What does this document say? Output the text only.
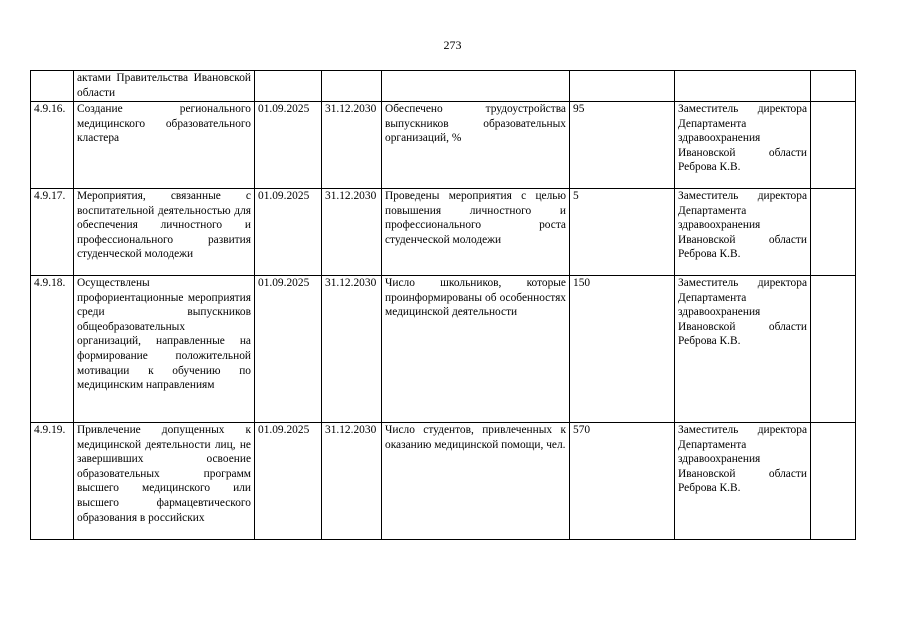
273
	актами Правительства Ивановской области						
4.9.16.	Создание регионального медицинского образовательного кластера	01.09.2025	31.12.2030	Обеспечено трудоустройства выпускников образовательных организаций, %	95	Заместитель директора Департамента здравоохранения Ивановской области Реброва К.В.	
4.9.17.	Мероприятия, связанные с воспитательной деятельностью для обеспечения личностного и профессионального развития студенческой молодежи	01.09.2025	31.12.2030	Проведены мероприятия с целью повышения личностного и профессионального роста студенческой молодежи	5	Заместитель директора Департамента здравоохранения Ивановской области Реброва К.В.	
4.9.18.	Осуществлены профориентационные мероприятия среди выпускников общеобразовательных организаций, направленные на формирование положительной мотивации к обучению по медицинским направлениям	01.09.2025	31.12.2030	Число школьников, которые проинформированы об особенностях медицинской деятельности	150	Заместитель директора Департамента здравоохранения Ивановской области Реброва К.В.	
4.9.19.	Привлечение допущенных к медицинской деятельности лиц, не завершивших освоение образовательных программ высшего медицинского или высшего фармацевтического образования в российских	01.09.2025	31.12.2030	Число студентов, привлеченных к оказанию медицинской помощи, чел.	570	Заместитель директора Департамента здравоохранения Ивановской области Реброва К.В.	
